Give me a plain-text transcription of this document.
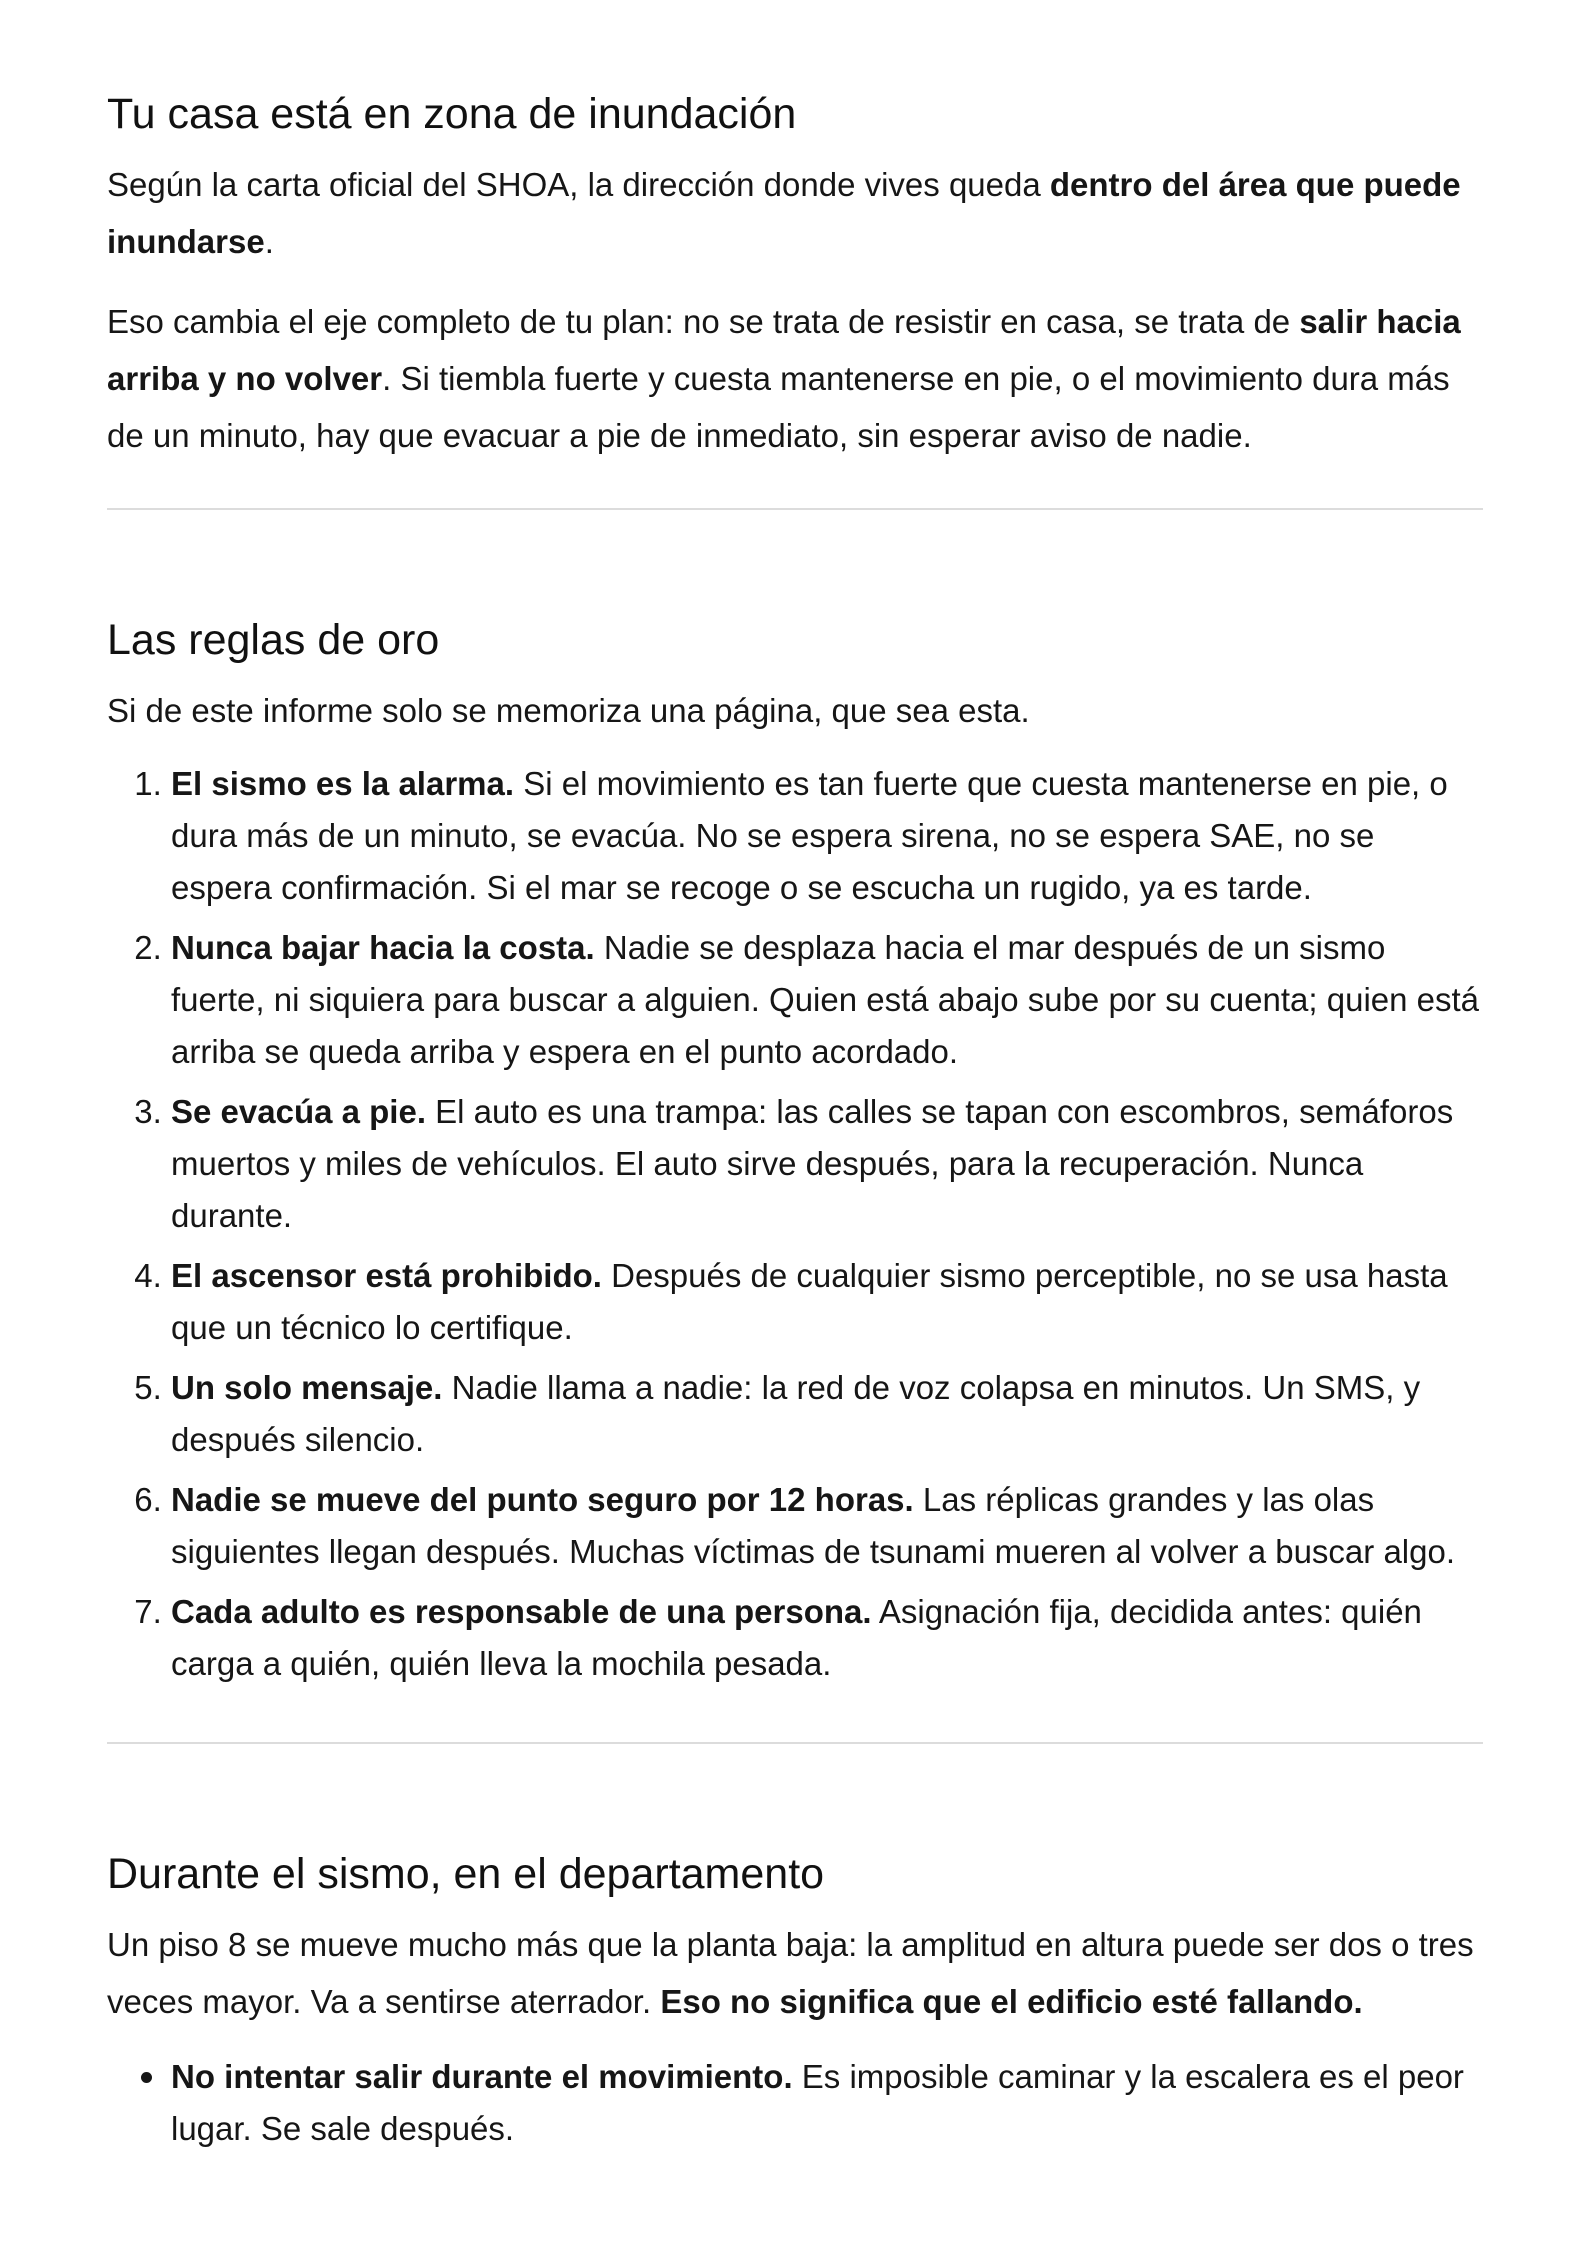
Tu casa está en zona de inundación

Según la carta oficial del SHOA, la dirección donde vives queda dentro del área que puede inundarse.

Eso cambia el eje completo de tu plan: no se trata de resistir en casa, se trata de salir hacia arriba y no volver. Si tiembla fuerte y cuesta mantenerse en pie, o el movimiento dura más de un minuto, hay que evacuar a pie de inmediato, sin esperar aviso de nadie.

Las reglas de oro

Si de este informe solo se memoriza una página, que sea esta.

1. El sismo es la alarma. Si el movimiento es tan fuerte que cuesta mantenerse en pie, o dura más de un minuto, se evacúa. No se espera sirena, no se espera SAE, no se espera confirmación. Si el mar se recoge o se escucha un rugido, ya es tarde.
2. Nunca bajar hacia la costa. Nadie se desplaza hacia el mar después de un sismo fuerte, ni siquiera para buscar a alguien. Quien está abajo sube por su cuenta; quien está arriba se queda arriba y espera en el punto acordado.
3. Se evacúa a pie. El auto es una trampa: las calles se tapan con escombros, semáforos muertos y miles de vehículos. El auto sirve después, para la recuperación. Nunca durante.
4. El ascensor está prohibido. Después de cualquier sismo perceptible, no se usa hasta que un técnico lo certifique.
5. Un solo mensaje. Nadie llama a nadie: la red de voz colapsa en minutos. Un SMS, y después silencio.
6. Nadie se mueve del punto seguro por 12 horas. Las réplicas grandes y las olas siguientes llegan después. Muchas víctimas de tsunami mueren al volver a buscar algo.
7. Cada adulto es responsable de una persona. Asignación fija, decidida antes: quién carga a quién, quién lleva la mochila pesada.
Durante el sismo, en el departamento

Un piso 8 se mueve mucho más que la planta baja: la amplitud en altura puede ser dos o tres veces mayor. Va a sentirse aterrador. Eso no significa que el edificio esté fallando.

No intentar salir durante el movimiento. Es imposible caminar y la escalera es el peor lugar. Se sale después.
